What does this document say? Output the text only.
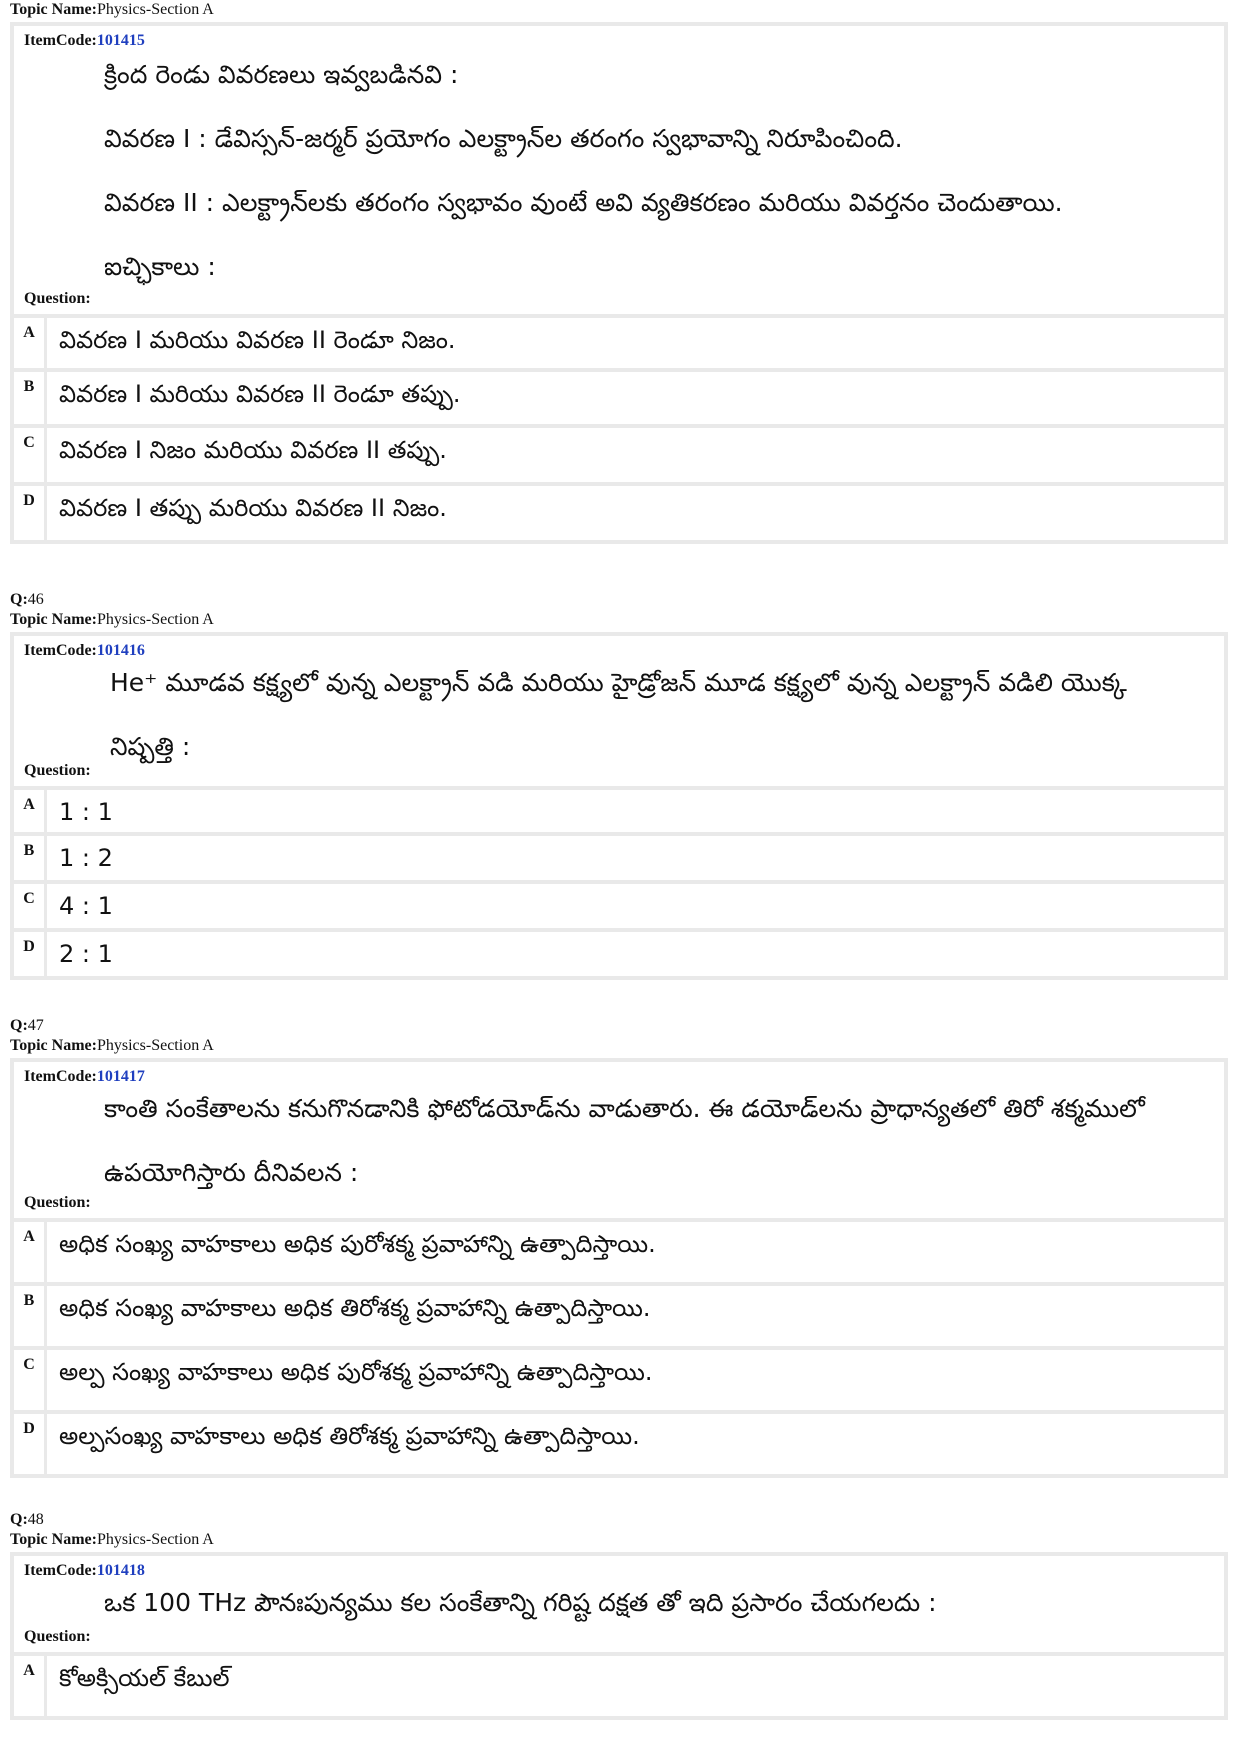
Topic Name:Physics-Section A
ItemCode:101415
క్రింద రెండు వివరణలు ఇవ్వబడినవి :
వివరణ I : డేవిస్సన్-జర్మర్ ప్రయోగం ఎలక్ట్రాన్‌ల తరంగం స్వభావాన్ని నిరూపించింది.
వివరణ II : ఎలక్ట్రాన్‌లకు తరంగం స్వభావం వుంటే అవి వ్యతికరణం మరియు వివర్తనం చెందుతాయి.
ఐచ్ఛికాలు :
Question:
A	వివరణ I మరియు వివరణ II రెండూ నిజం.
B	వివరణ I మరియు వివరణ II రెండూ తప్పు.
C	వివరణ I నిజం మరియు వివరణ II తప్పు.
D	వివరణ I తప్పు మరియు వివరణ II నిజం.
Q:46
Topic Name:Physics-Section A
ItemCode:101416
He⁺ మూడవ కక్ష్యలో వున్న ఎలక్ట్రాన్ వడి మరియు హైడ్రోజన్ మూడ కక్ష్యలో వున్న ఎలక్ట్రాన్ వడిలి యొక్క
నిష్పత్తి :
Question:
A	1 : 1
B	1 : 2
C	4 : 1
D	2 : 1
Q:47
Topic Name:Physics-Section A
ItemCode:101417
కాంతి సంకేతాలను కనుగొనడానికి ఫోటోడయోడ్‌ను వాడుతారు. ఈ డయోడ్‌లను ప్రాధాన్యతలో తిరో శక్మములో
ఉపయోగిస్తారు దీనివలన :
Question:
A	అధిక సంఖ్య వాహకాలు అధిక పురోశక్మ ప్రవాహాన్ని ఉత్పాదిస్తాయి.
B	అధిక సంఖ్య వాహకాలు అధిక తిరోశక్మ ప్రవాహాన్ని ఉత్పాదిస్తాయి.
C	అల్ప సంఖ్య వాహకాలు అధిక పురోశక్మ ప్రవాహాన్ని ఉత్పాదిస్తాయి.
D	అల్పసంఖ్య వాహకాలు అధిక తిరోశక్మ ప్రవాహాన్ని ఉత్పాదిస్తాయి.
Q:48
Topic Name:Physics-Section A
ItemCode:101418
ఒక 100 THz పౌనఃపున్యము కల సంకేతాన్ని గరిష్ట దక్షత తో ఇది ప్రసారం చేయగలదు :
Question:
A	కోఅక్సియల్ కేబుల్
